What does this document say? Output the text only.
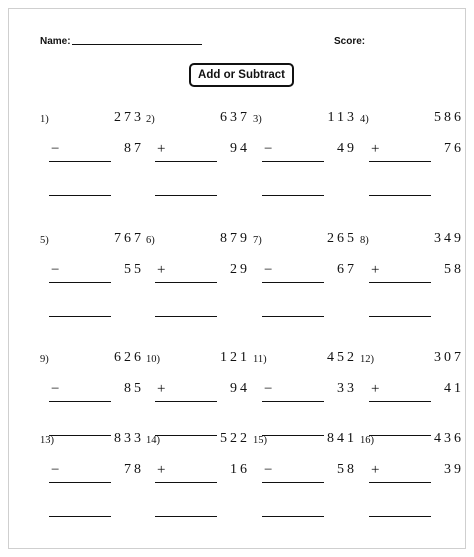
Name:	Score:
Add or Subtract
1)	273
−	87
2)	637
+	94
3)	113
−	49
4)	586
+	76
5)	767
−	55
6)	879
+	29
7)	265
−	67
8)	349
+	58
9)	626
−	85
10)	121
+	94
11)	452
−	33
12)	307
+	41
13)	833
−	78
14)	522
+	16
15)	841
−	58
16)	436
+	39
